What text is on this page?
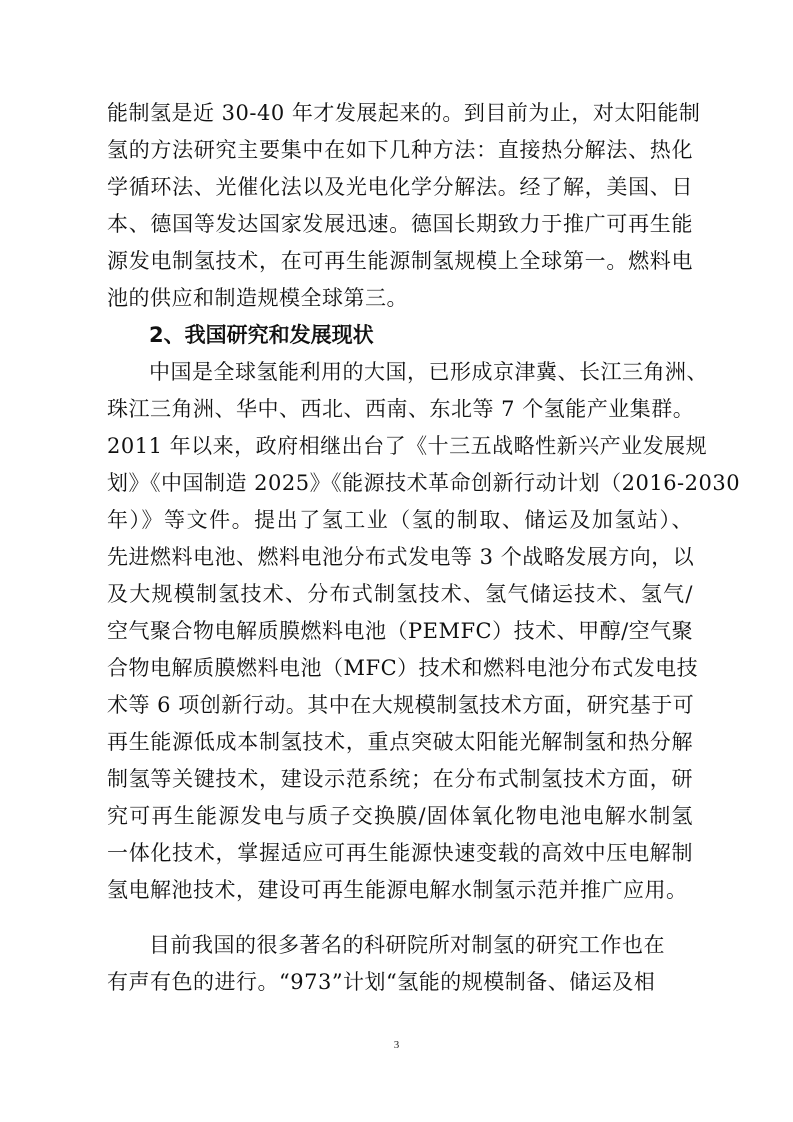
能制氢是近 30-40 年才发展起来的。到目前为止，对太阳能制
氢的方法研究主要集中在如下几种方法：直接热分解法、热化
学循环法、光催化法以及光电化学分解法。经了解，美国、日
本、德国等发达国家发展迅速。德国长期致力于推广可再生能
源发电制氢技术，在可再生能源制氢规模上全球第一。燃料电
池的供应和制造规模全球第三。
2、我国研究和发展现状
中国是全球氢能利用的大国，已形成京津冀、长江三角洲、
珠江三角洲、华中、西北、西南、东北等 7 个氢能产业集群。
2011 年以来，政府相继出台了《十三五战略性新兴产业发展规
划》《中国制造 2025》《能源技术革命创新行动计划（2016-2030
年）》等文件。提出了氢工业（氢的制取、储运及加氢站）、
先进燃料电池、燃料电池分布式发电等 3 个战略发展方向，以
及大规模制氢技术、分布式制氢技术、氢气储运技术、氢气/
空气聚合物电解质膜燃料电池（PEMFC）技术、甲醇/空气聚
合物电解质膜燃料电池（MFC）技术和燃料电池分布式发电技
术等 6 项创新行动。其中在大规模制氢技术方面，研究基于可
再生能源低成本制氢技术，重点突破太阳能光解制氢和热分解
制氢等关键技术，建设示范系统；在分布式制氢技术方面，研
究可再生能源发电与质子交换膜/固体氧化物电池电解水制氢
一体化技术，掌握适应可再生能源快速变载的高效中压电解制
氢电解池技术，建设可再生能源电解水制氢示范并推广应用。
目前我国的很多著名的科研院所对制氢的研究工作也在
有声有色的进行。“973”计划“氢能的规模制备、储运及相
3
